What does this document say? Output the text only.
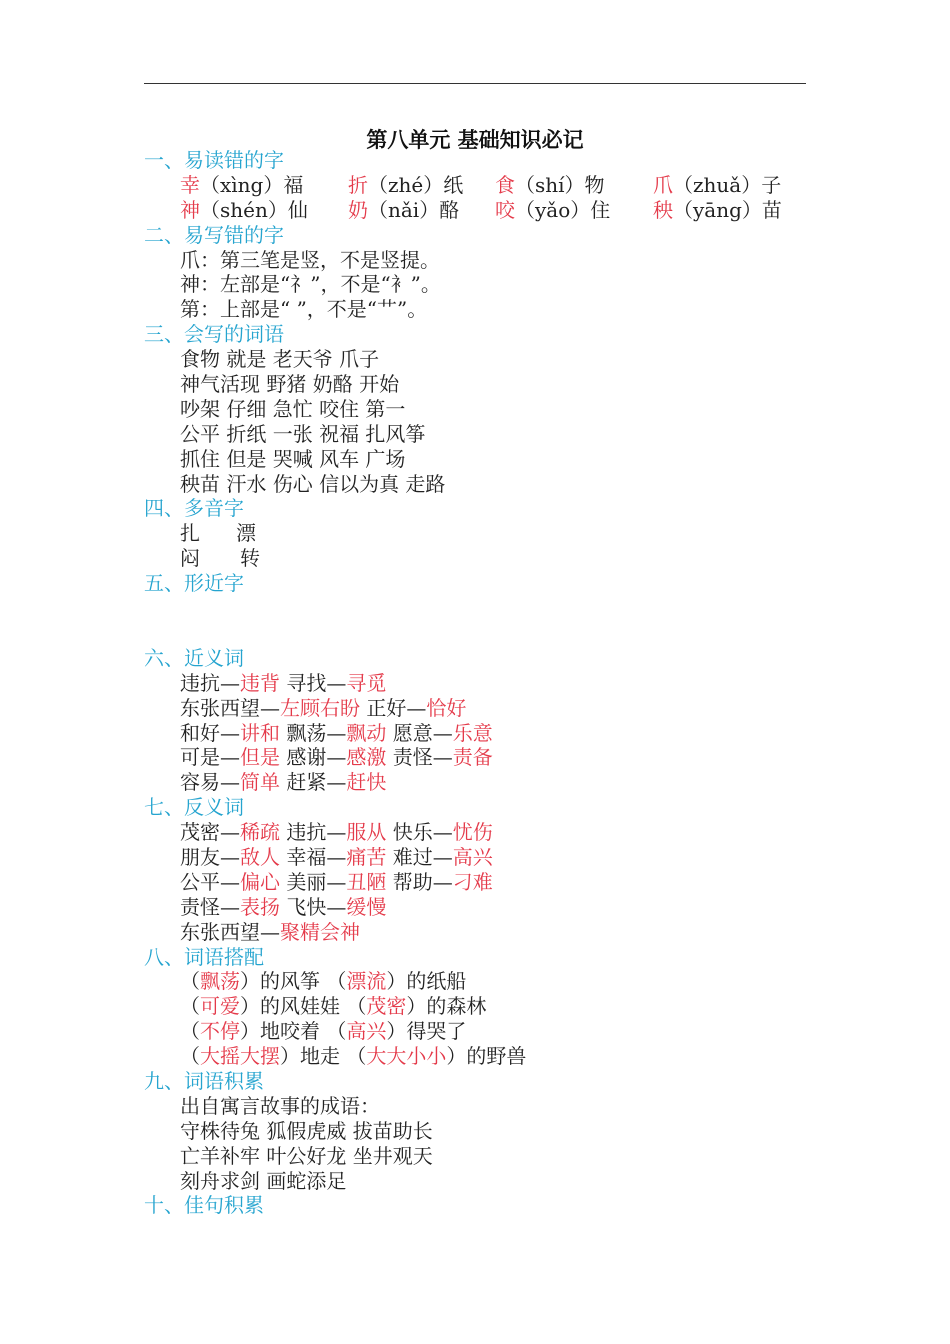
第八单元 基础知识必记
一、易读错的字
幸（xìng）福 折（zhé）纸 食（shí）物 爪（zhuǎ）子
神（shén）仙 奶（nǎi）酪 咬（yǎo）住 秧（yāng）苗
二、易写错的字
爪：第三笔是竖，不是竖提。
神：左部是“礻”，不是“衤”。
第：上部是“ ”，不是“艹”。
三、会写的词语
食物 就是 老天爷 爪子
神气活现 野猪 奶酪 开始
吵架 仔细 急忙 咬住 第一
公平 折纸 一张 祝福 扎风筝
抓住 但是 哭喊 风车 广场
秧苗 汗水 伤心 信以为真 走路
四、多音字
扎 漂
闷 转
五、形近字
六、近义词
违抗—违背 寻找—寻觅
东张西望—左顾右盼 正好—恰好
和好—讲和 飘荡—飘动 愿意—乐意
可是—但是 感谢—感激 责怪—责备
容易—简单 赶紧—赶快
七、反义词
茂密—稀疏 违抗—服从 快乐—忧伤
朋友—敌人 幸福—痛苦 难过—高兴
公平—偏心 美丽—丑陋 帮助—刁难
责怪—表扬 飞快—缓慢
东张西望—聚精会神
八、词语搭配
（飘荡）的风筝 （漂流）的纸船
（可爱）的风娃娃 （茂密）的森林
（不停）地咬着 （高兴）得哭了
（大摇大摆）地走 （大大小小）的野兽
九、词语积累
出自寓言故事的成语：
守株待兔 狐假虎威 拔苗助长
亡羊补牢 叶公好龙 坐井观天
刻舟求剑 画蛇添足
十、佳句积累
